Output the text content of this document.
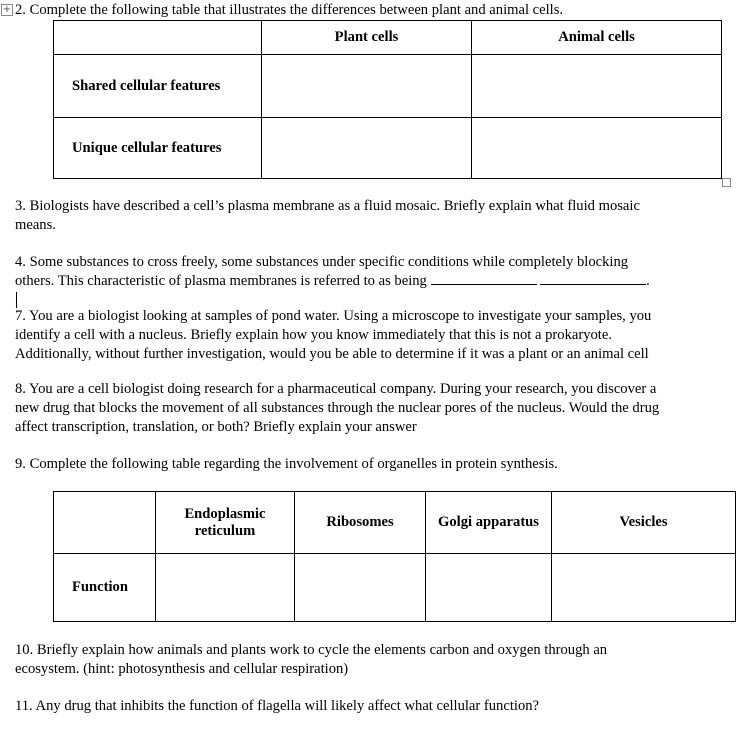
2. Complete the following table that illustrates the differences between plant and animal cells.
+
	Plant cells	Animal cells
Shared cellular features		
Unique cellular features		
3. Biologists have described a cell’s plasma membrane as a fluid mosaic. Briefly explain what fluid mosaic
means.
4. Some substances to cross freely, some substances under specific conditions while completely blocking
others. This characteristic of plasma membranes is referred to as being	.
7. You are a biologist looking at samples of pond water. Using a microscope to investigate your samples, you
identify a cell with a nucleus. Briefly explain how you know immediately that this is not a prokaryote.
Additionally, without further investigation, would you be able to determine if it was a plant or an animal cell
8. You are a cell biologist doing research for a pharmaceutical company. During your research, you discover a
new drug that blocks the movement of all substances through the nuclear pores of the nucleus. Would the drug
affect transcription, translation, or both? Briefly explain your answer
9. Complete the following table regarding the involvement of organelles in protein synthesis.
	Endoplasmic reticulum	Ribosomes	Golgi apparatus	Vesicles
Function				
10. Briefly explain how animals and plants work to cycle the elements carbon and oxygen through an
ecosystem. (hint: photosynthesis and cellular respiration)
11. Any drug that inhibits the function of flagella will likely affect what cellular function?
